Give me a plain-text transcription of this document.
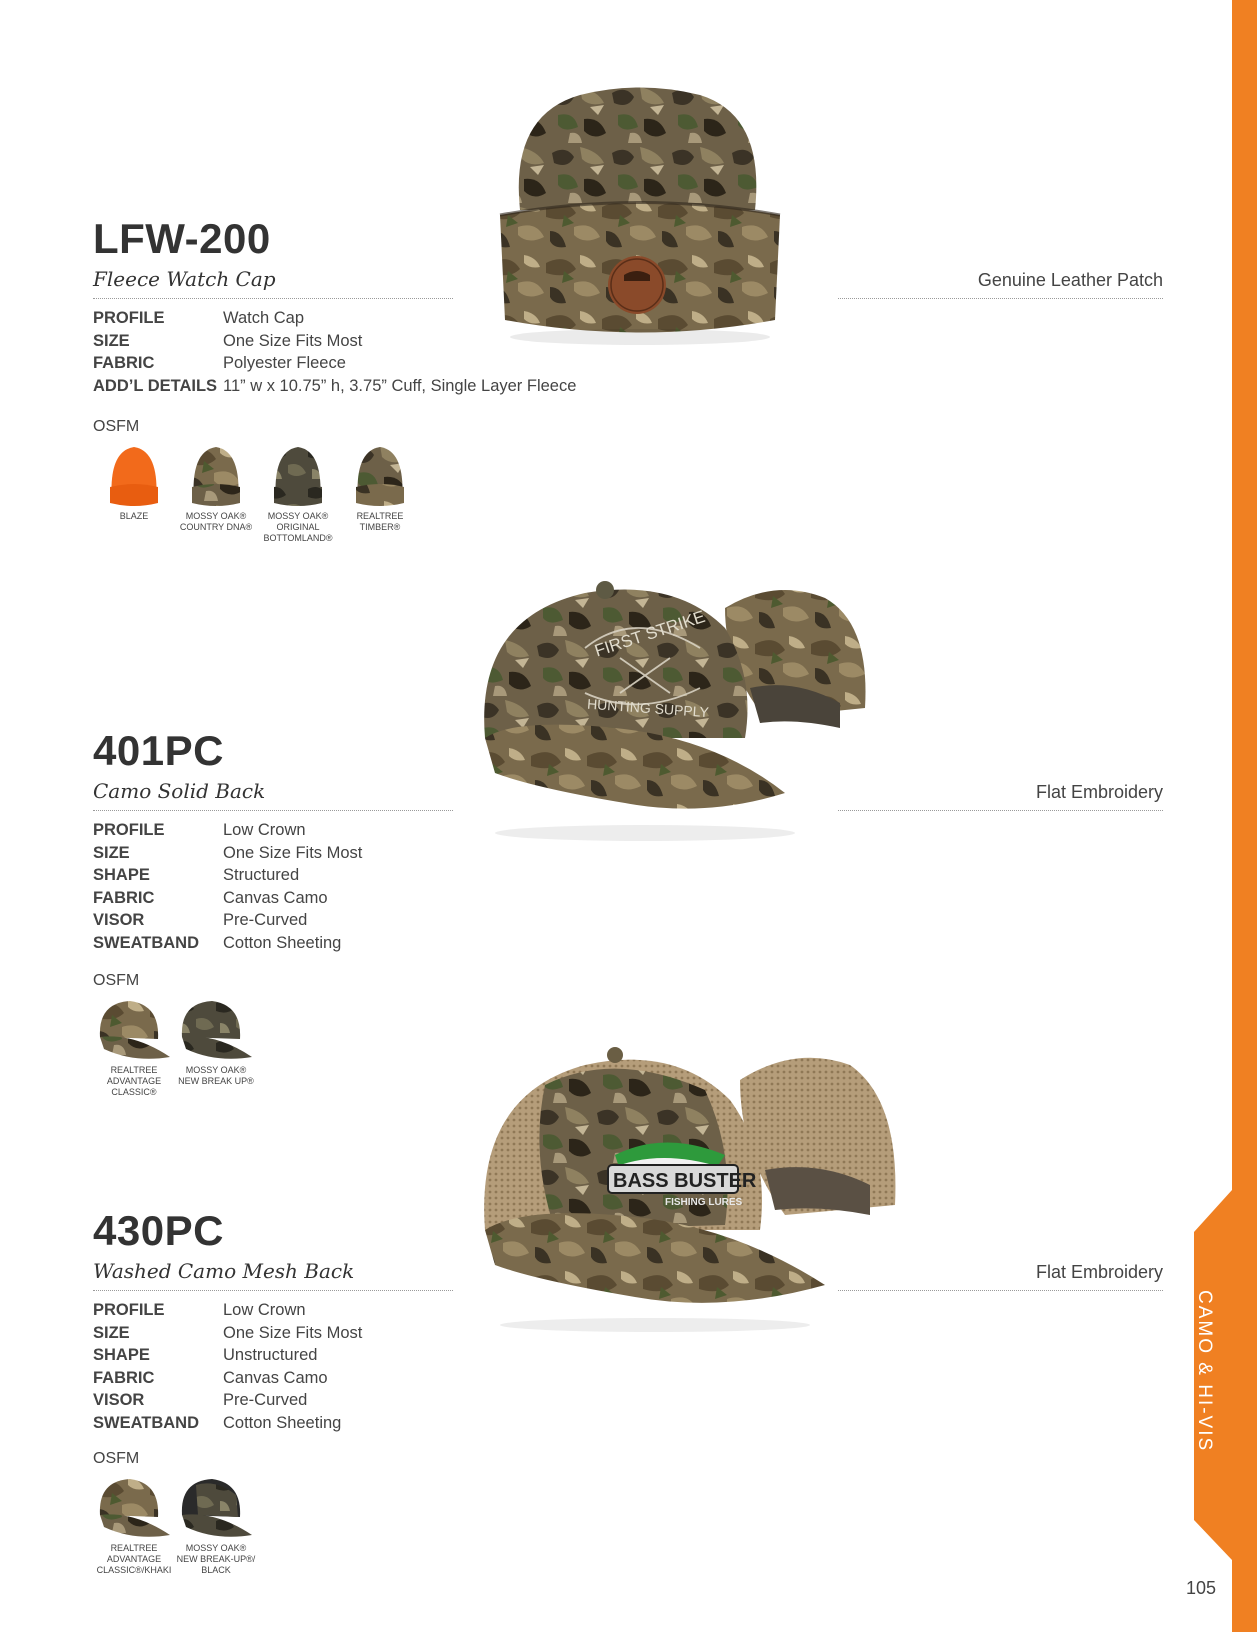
CAMO & HI-VIS
105
LFW-200
Fleece Watch Cap	Genuine Leather Patch
PROFILE	Watch Cap
SIZE	One Size Fits Most
FABRIC	Polyester Fleece
ADD’L DETAILS 11” w x 10.75” h, 3.75” Cuff, Single Layer Fleece
OSFM
BLAZE	MOSSY OAK®
COUNTRY DNA®
MOSSY OAK®
ORIGINAL
BOTTOMLAND®
REALTREE
TIMBER®
FIRST STRIKE
HUNTING SUPPLY
401PC
Camo Solid Back	Flat Embroidery
PROFILE	Low Crown
SIZE	One Size Fits Most
SHAPE	Structured
FABRIC	Canvas Camo
VISOR	Pre-Curved
SWEATBAND Cotton Sheeting
OSFM
REALTREE
ADVANTAGE
CLASSIC®
MOSSY OAK®
NEW BREAK UP®
BASS BUSTER
FISHING LURES
430PC
Washed Camo Mesh Back	Flat Embroidery
PROFILE	Low Crown
SIZE	One Size Fits Most
SHAPE	Unstructured
FABRIC	Canvas Camo
VISOR	Pre-Curved
SWEATBAND Cotton Sheeting
OSFM
REALTREE
ADVANTAGE
CLASSIC®/KHAKI
MOSSY OAK®
NEW BREAK-UP®/
BLACK
